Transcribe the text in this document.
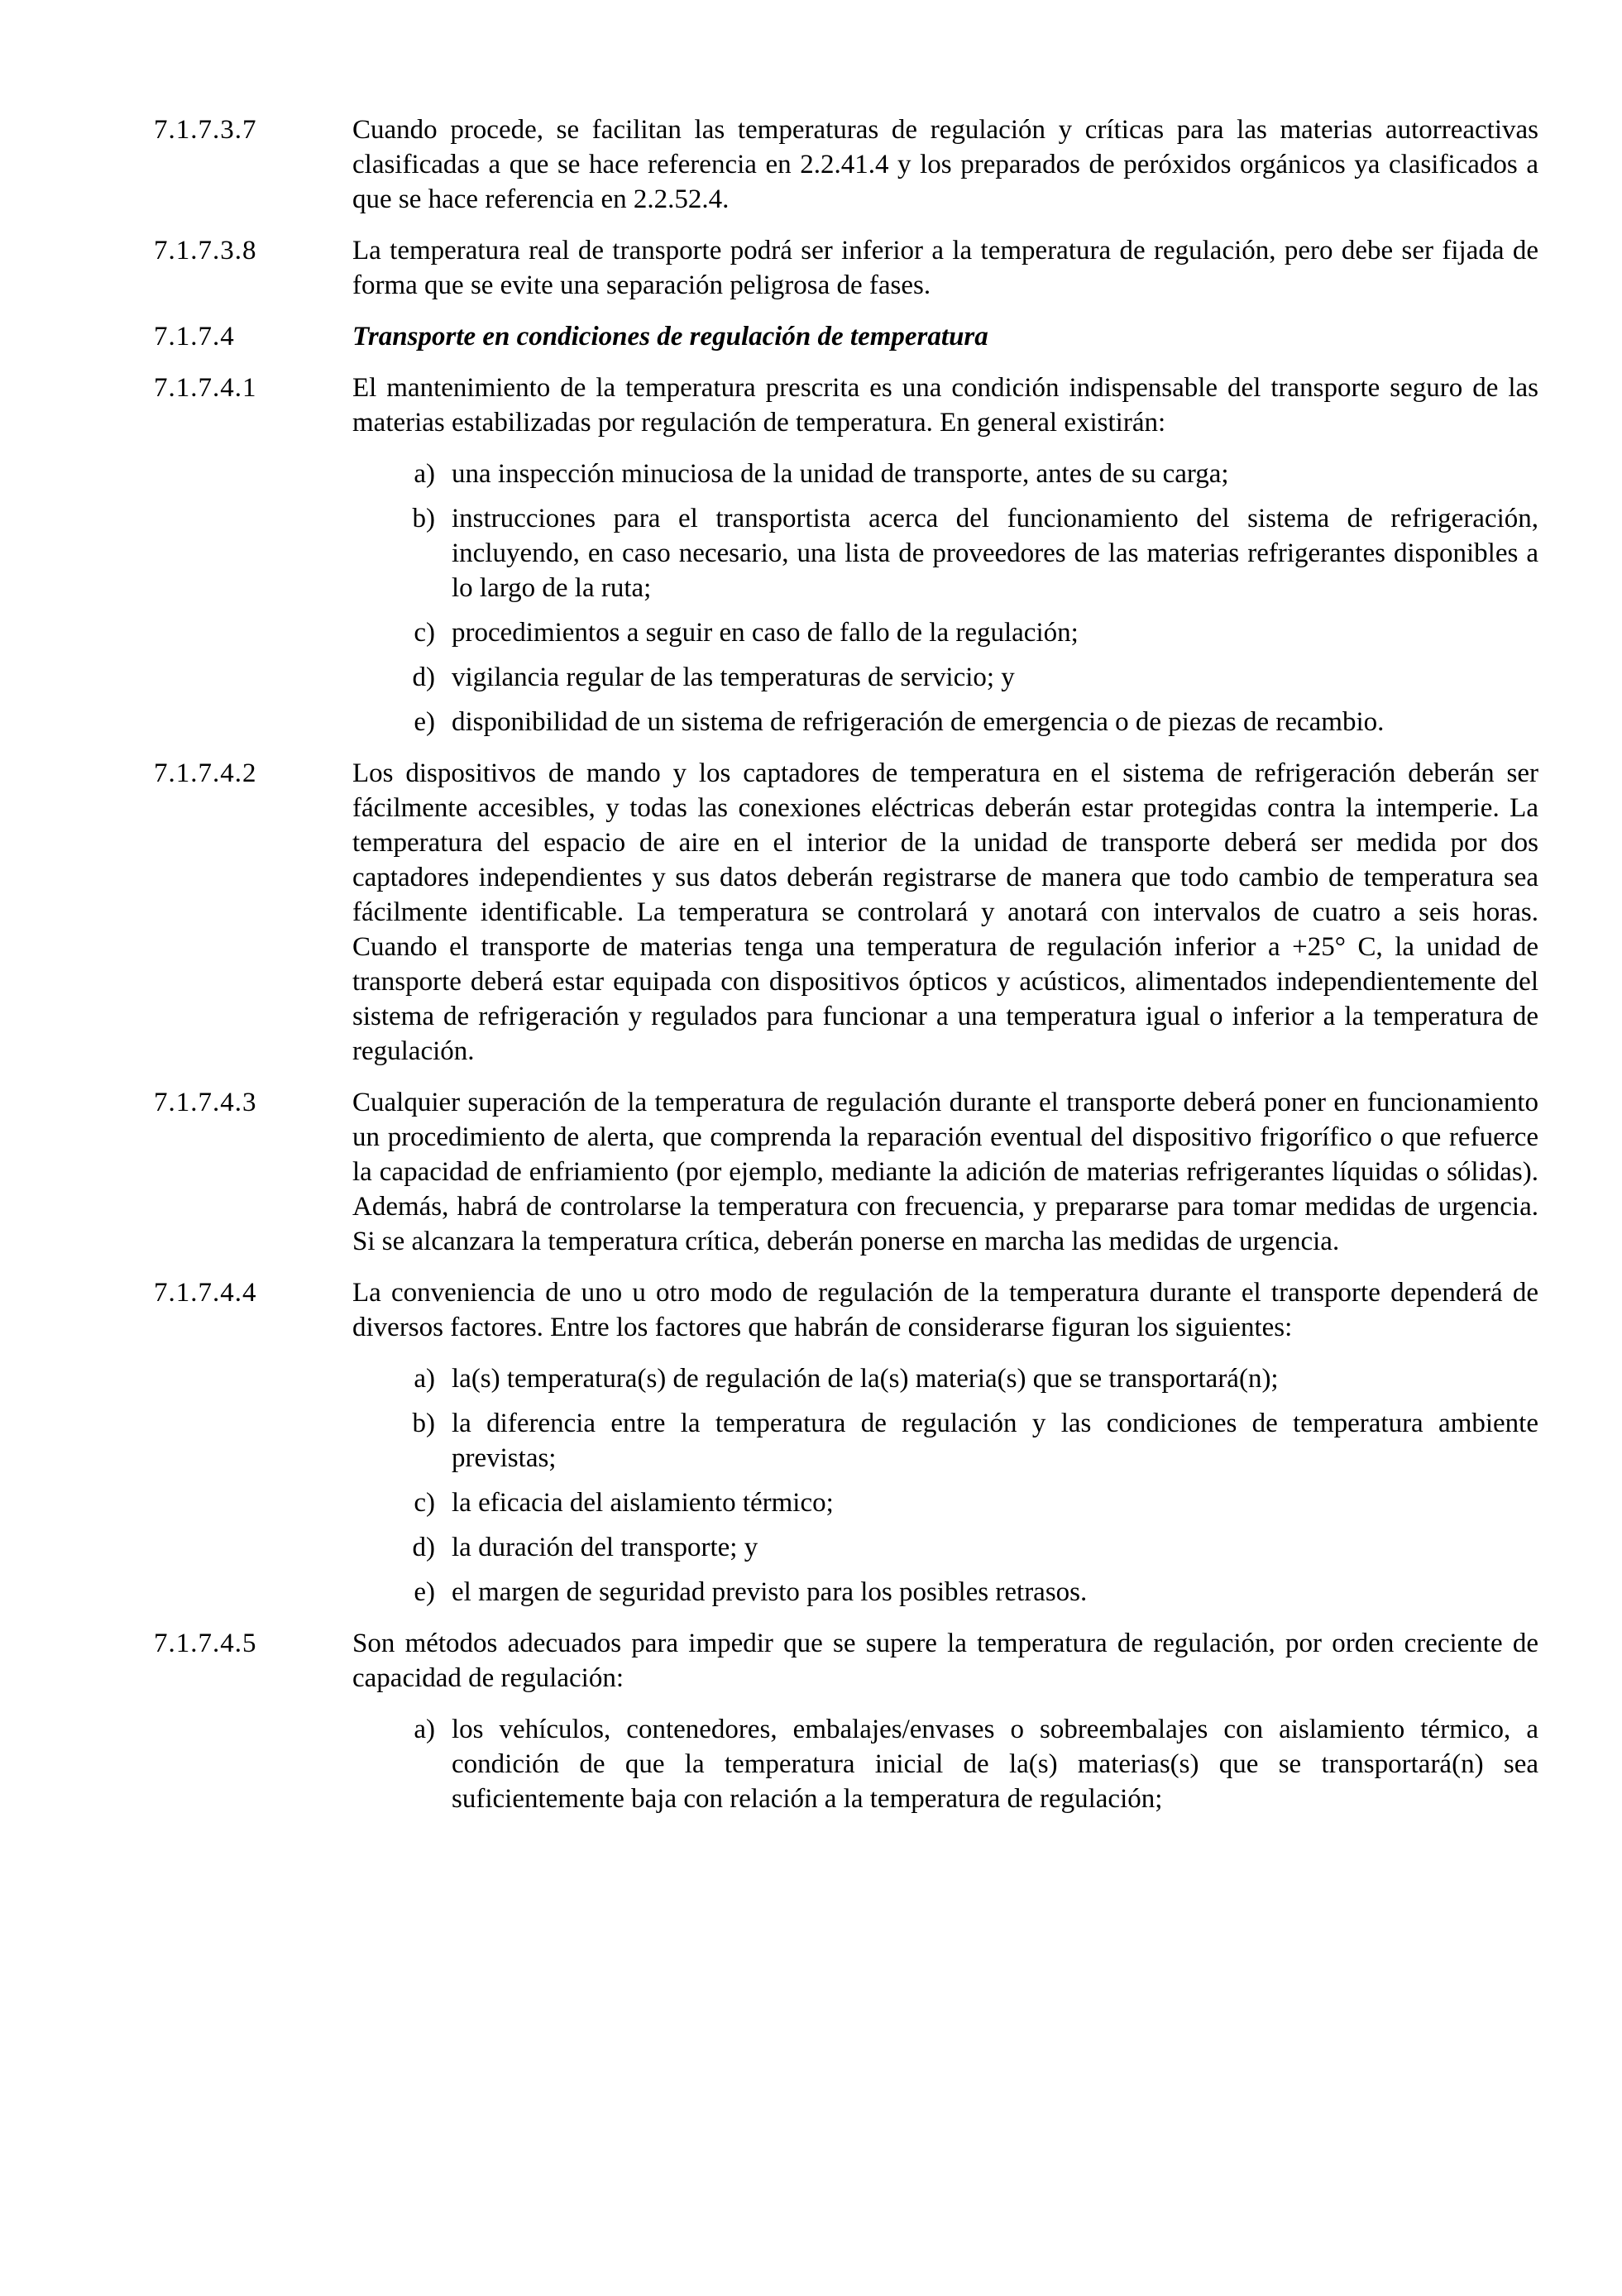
7.1.7.3.7	Cuando procede, se facilitan las temperaturas de regulación y críticas para las materias autorreactivas clasificadas a que se hace referencia en 2.2.41.4 y los preparados de peróxidos orgánicos ya clasificados a que se hace referencia en 2.2.52.4.
7.1.7.3.8	La temperatura real de transporte podrá ser inferior a la temperatura de regulación, pero debe ser fijada de forma que se evite una separación peligrosa de fases.
7.1.7.4	Transporte en condiciones de regulación de temperatura
7.1.7.4.1	El mantenimiento de la temperatura prescrita es una condición indispensable del transporte seguro de las materias estabilizadas por regulación de temperatura. En general existirán:
a) una inspección minuciosa de la unidad de transporte, antes de su carga;
b) instrucciones para el transportista acerca del funcionamiento del sistema de refrigeración, incluyendo, en caso necesario, una lista de proveedores de las materias refrigerantes disponibles a lo largo de la ruta;
c) procedimientos a seguir en caso de fallo de la regulación;
d) vigilancia regular de las temperaturas de servicio; y
e) disponibilidad de un sistema de refrigeración de emergencia o de piezas de recambio.
7.1.7.4.2	Los dispositivos de mando y los captadores de temperatura en el sistema de refrigeración deberán ser fácilmente accesibles, y todas las conexiones eléctricas deberán estar protegidas contra la intemperie. La temperatura del espacio de aire en el interior de la unidad de transporte deberá ser medida por dos captadores independientes y sus datos deberán registrarse de manera que todo cambio de temperatura sea fácilmente identificable. La temperatura se controlará y anotará con intervalos de cuatro a seis horas. Cuando el transporte de materias tenga una temperatura de regulación inferior a +25° C, la unidad de transporte deberá estar equipada con dispositivos ópticos y acústicos, alimentados independientemente del sistema de refrigeración y regulados para funcionar a una temperatura igual o inferior a la temperatura de regulación.
7.1.7.4.3	Cualquier superación de la temperatura de regulación durante el transporte deberá poner en funcionamiento un procedimiento de alerta, que comprenda la reparación eventual del dispositivo frigorífico o que refuerce la capacidad de enfriamiento (por ejemplo, mediante la adición de materias refrigerantes líquidas o sólidas). Además, habrá de controlarse la temperatura con frecuencia, y prepararse para tomar medidas de urgencia. Si se alcanzara la temperatura crítica, deberán ponerse en marcha las medidas de urgencia.
7.1.7.4.4	La conveniencia de uno u otro modo de regulación de la temperatura durante el transporte dependerá de diversos factores. Entre los factores que habrán de considerarse figuran los siguientes:
a) la(s) temperatura(s) de regulación de la(s) materia(s) que se transportará(n);
b) la diferencia entre la temperatura de regulación y las condiciones de temperatura ambiente previstas;
c) la eficacia del aislamiento térmico;
d) la duración del transporte; y
e) el margen de seguridad previsto para los posibles retrasos.
7.1.7.4.5	Son métodos adecuados para impedir que se supere la temperatura de regulación, por orden creciente de capacidad de regulación:
a) los vehículos, contenedores, embalajes/envases o sobreembalajes con aislamiento térmico, a condición de que la temperatura inicial de la(s) materias(s) que se transportará(n) sea suficientemente baja con relación a la temperatura de regulación;
